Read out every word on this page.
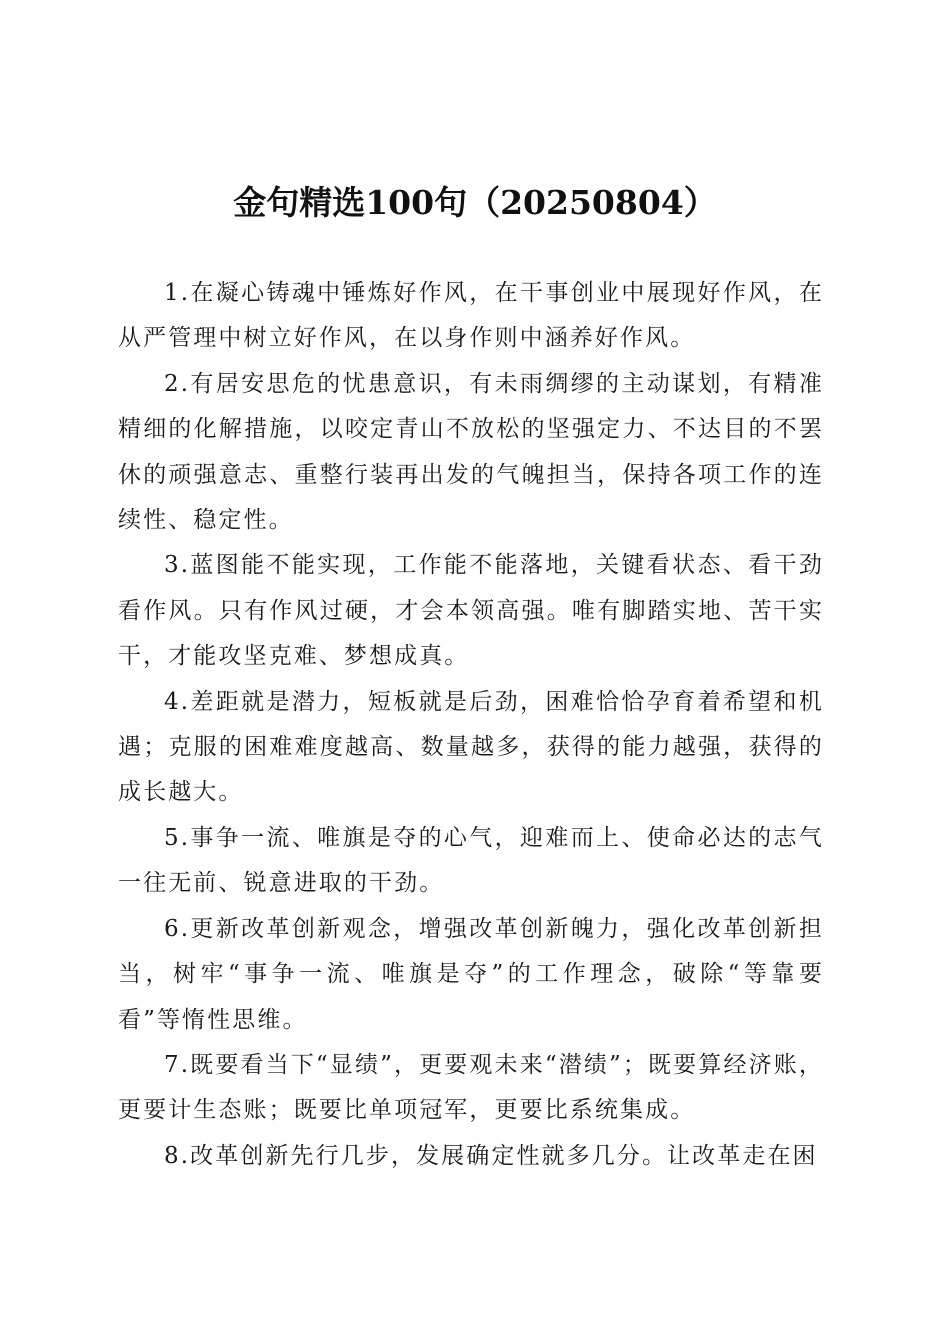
金句精选100句（20250804）

1.在凝心铸魂中锤炼好作风，在干事创业中展现好作风，在从严管理中树立好作风，在以身作则中涵养好作风。

2.有居安思危的忧患意识，有未雨绸缪的主动谋划，有精准精细的化解措施，以咬定青山不放松的坚强定力、不达目的不罢休的顽强意志、重整行装再出发的气魄担当，保持各项工作的连续性、稳定性。

3.蓝图能不能实现，工作能不能落地，关键看状态、看干劲看作风。只有作风过硬，才会本领高强。唯有脚踏实地、苦干实干，才能攻坚克难、梦想成真。

4.差距就是潜力，短板就是后劲，困难恰恰孕育着希望和机遇；克服的困难难度越高、数量越多，获得的能力越强，获得的成长越大。

5.事争一流、唯旗是夺的心气，迎难而上、使命必达的志气一往无前、锐意进取的干劲。

6.更新改革创新观念，增强改革创新魄力，强化改革创新担当，树牢“事争一流、唯旗是夺”的工作理念，破除“等靠要看”等惰性思维。

7.既要看当下“显绩”，更要观未来“潜绩”；既要算经济账，更要计生态账；既要比单项冠军，更要比系统集成。

8.改革创新先行几步，发展确定性就多几分。让改革走在困
